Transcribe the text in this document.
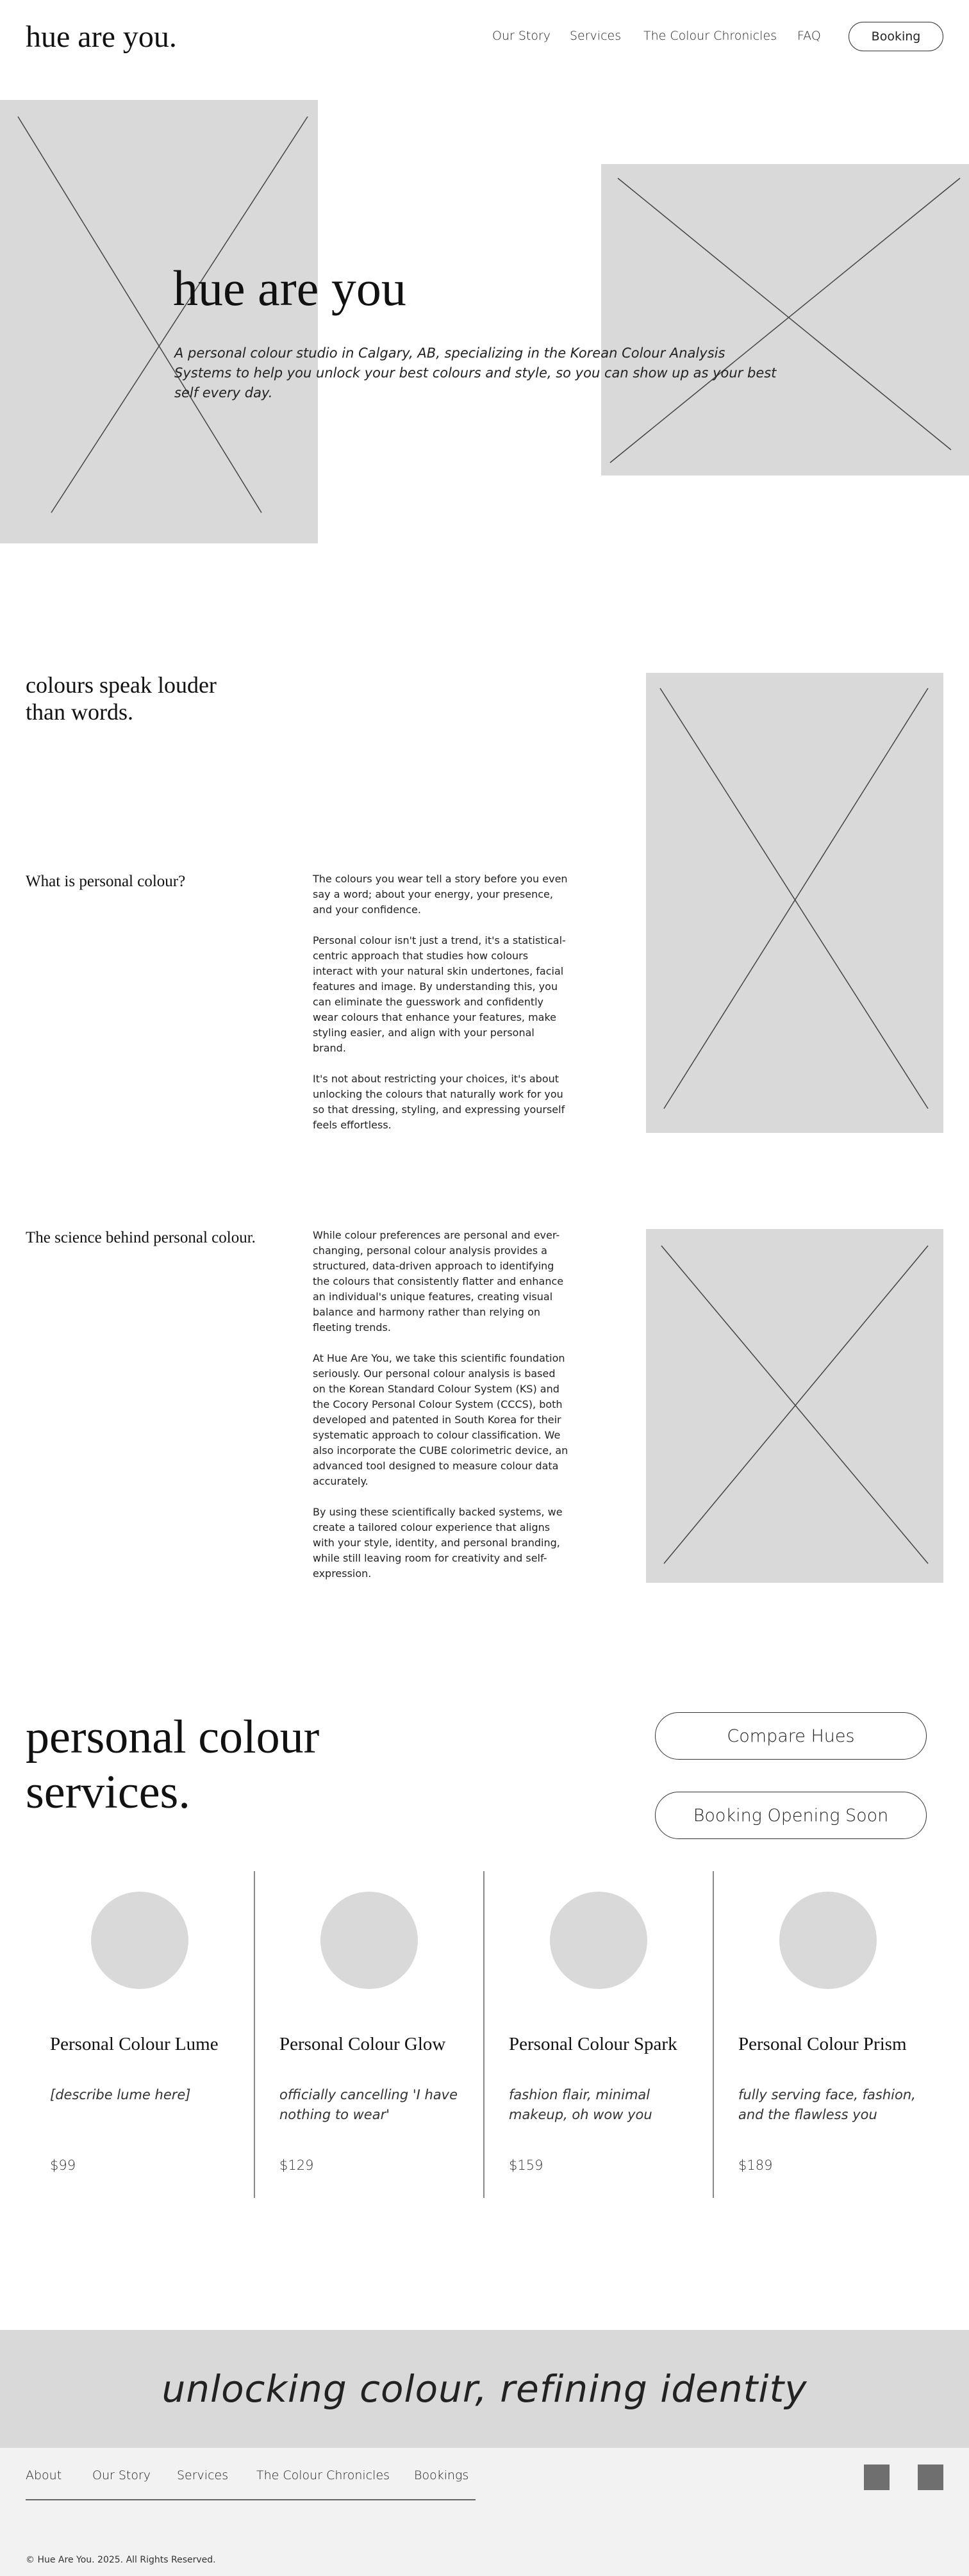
hue are you.	Our Story Services The Colour Chronicles FAQ	Booking
hue are you
A personal colour studio in Calgary, AB, specializing in the Korean Colour Analysis Systems to help you unlock your best colours and style, so you can show up as your best self every day.
colours speak louder than words.
What is personal colour?	The colours you wear tell a story before you even say a word; about your energy, your presence, and your confidence.

Personal colour isn't just a trend, it's a statistical-centric approach that studies how colours interact with your natural skin undertones, facial features and image. By understanding this, you can eliminate the guesswork and confidently wear colours that enhance your features, make styling easier, and align with your personal brand.

It's not about restricting your choices, it's about unlocking the colours that naturally work for you so that dressing, styling, and expressing yourself feels effortless.

The science behind personal colour.	While colour preferences are personal and ever-changing, personal colour analysis provides a structured, data-driven approach to identifying the colours that consistently flatter and enhance an individual's unique features, creating visual balance and harmony rather than relying on fleeting trends.

At Hue Are You, we take this scientific foundation seriously. Our personal colour analysis is based on the Korean Standard Colour System (KS) and the Cocory Personal Colour System (CCCS), both developed and patented in South Korea for their systematic approach to colour classification. We also incorporate the CUBE colorimetric device, an advanced tool designed to measure colour data accurately.

By using these scientifically backed systems, we create a tailored colour experience that aligns with your style, identity, and personal branding, while still leaving room for creativity and self-expression.

personal colour services.
Compare Hues
Booking Opening Soon
Personal Colour Lume
[describe lume here]
$99
Personal Colour Glow
officially cancelling 'I have nothing to wear'
$129
Personal Colour Spark
fashion flair, minimal makeup, oh wow you
$159
Personal Colour Prism
fully serving face, fashion, and the flawless you
$189
unlocking colour, refining identity
About	Our Story Services The Colour Chronicles Bookings
© Hue Are You. 2025. All Rights Reserved.
